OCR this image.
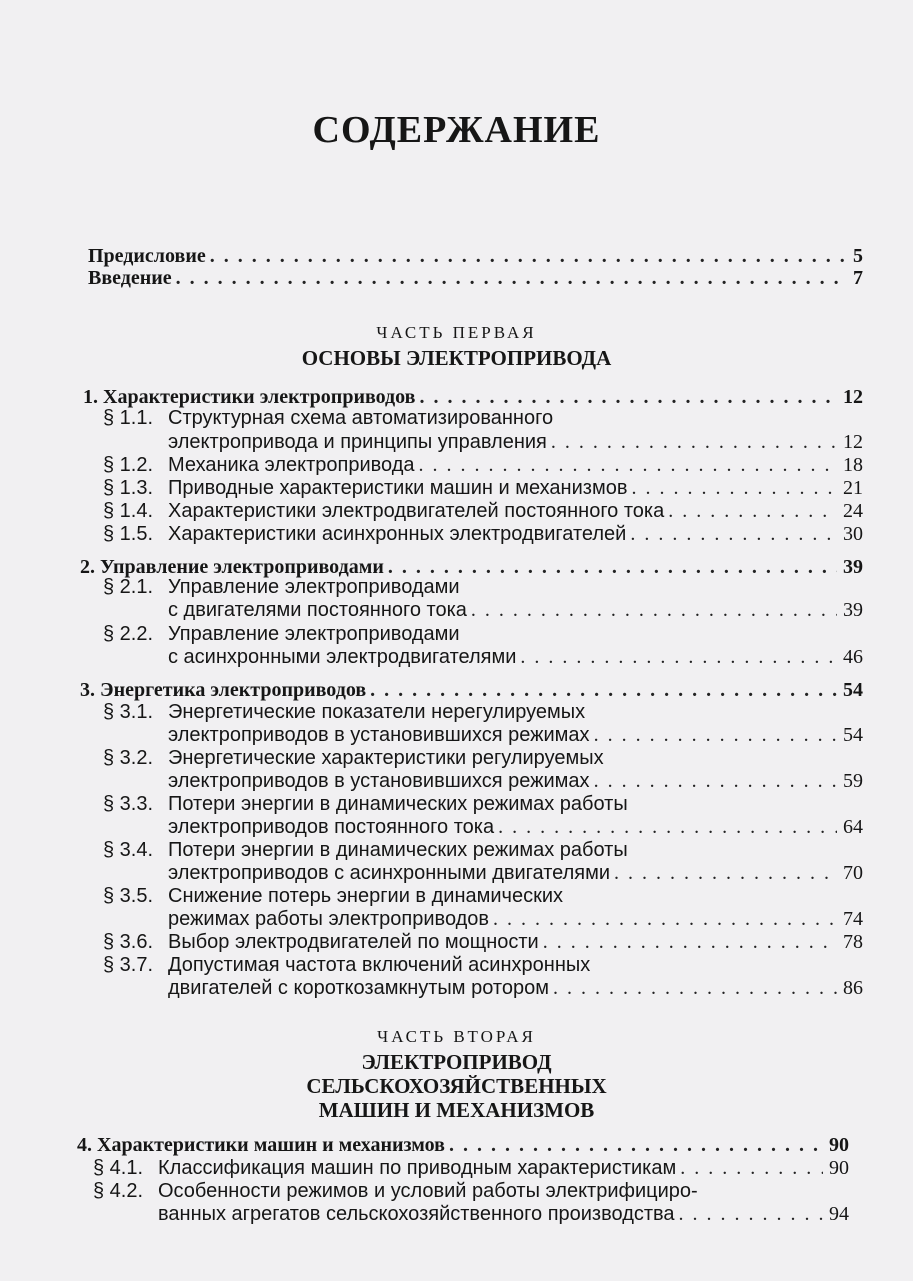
СОДЕРЖАНИЕ
Предисловие . . .	5
Введение . . .	7
ЧАСТЬ ПЕРВАЯ
ОСНОВЫ ЭЛЕКТРОПРИВОДА
1. Характеристики электроприводов . . .	12
§ 1.1. Структурная схема автоматизированного
электропривода и принципы управления . . .	12
§ 1.2. Механика электропривода . . .	18
§ 1.3. Приводные характеристики машин и механизмов . . .	21
§ 1.4. Характеристики электродвигателей постоянного тока . . .	24
§ 1.5. Характеристики асинхронных электродвигателей . . .	30
2. Управление электроприводами . . .	39
§ 2.1. Управление электроприводами
с двигателями постоянного тока . . .	39
§ 2.2. Управление электроприводами
с асинхронными электродвигателями . . .	46
3. Энергетика электроприводов . . .	54
§ 3.1. Энергетические показатели нерегулируемых
электроприводов в установившихся режимах . . .	54
§ 3.2. Энергетические характеристики регулируемых
электроприводов в установившихся режимах . . .	59
§ 3.3. Потери энергии в динамических режимах работы
электроприводов постоянного тока . . .	64
§ 3.4. Потери энергии в динамических режимах работы
электроприводов с асинхронными двигателями . . .	70
§ 3.5. Снижение потерь энергии в динамических
режимах работы электроприводов . . .	74
§ 3.6. Выбор электродвигателей по мощности . . .	78
§ 3.7. Допустимая частота включений асинхронных
двигателей с короткозамкнутым ротором . . .	86
ЧАСТЬ ВТОРАЯ
ЭЛЕКТРОПРИВОД
СЕЛЬСКОХОЗЯЙСТВЕННЫХ
МАШИН И МЕХАНИЗМОВ
4. Характеристики машин и механизмов . . .	90
§ 4.1. Классификация машин по приводным характеристикам . . .	90
§ 4.2. Особенности режимов и условий работы электрифициро-
ванных агрегатов сельскохозяйственного производства . . .	94
